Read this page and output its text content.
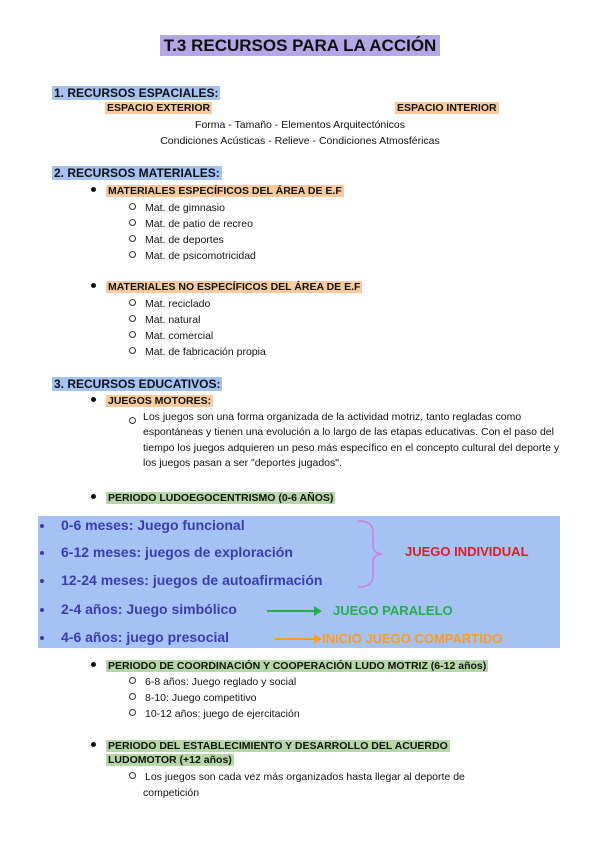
T.3 RECURSOS PARA LA ACCIÓN
1. RECURSOS ESPACIALES:
ESPACIO EXTERIOR	ESPACIO INTERIOR
Forma - Tamaño - Elementos Arquitectónicos
Condiciones Acústicas - Relieve - Condiciones Atmosféricas
2. RECURSOS MATERIALES:
MATERIALES ESPECÍFICOS DEL ÁREA DE E.F
Mat. de gimnasio
Mat. de patio de recreo
Mat. de deportes
Mat. de psicomotricidad
MATERIALES NO ESPECÍFICOS DEL ÁREA DE E.F
Mat. reciclado
Mat. natural
Mat. comercial
Mat. de fabricación propia
3. RECURSOS EDUCATIVOS:
JUEGOS MOTORES:
Los juegos son una forma organizada de la actividad motriz, tanto regladas como espontáneas y tienen una evolución a lo largo de las etapas educativas. Con el paso del tiempo los juegos adquieren un peso más específico en el concepto cultural del deporte y los juegos pasan a ser "deportes jugados".
PERIODO LUDOEGOCENTRISMO (0-6 AÑOS)
0-6 meses: Juego funcional
6-12 meses: juegos de exploración
12-24 meses: juegos de autoafirmación
2-4 años: Juego simbólico
4-6 años: juego presocial
JUEGO INDIVIDUAL
JUEGO PARALELO
INICIO JUEGO COMPARTIDO
PERIODO DE COORDINACIÓN Y COOPERACIÓN LUDO MOTRIZ (6-12 años)
6-8 años: Juego reglado y social
8-10: Juego competitivo
10-12 años: juego de ejercitación
PERIODO DEL ESTABLECIMIENTO Y DESARROLLO DEL ACUERDO
LUDOMOTOR (+12 años)
Los juegos son cada vez más organizados hasta llegar al deporte de
competición
